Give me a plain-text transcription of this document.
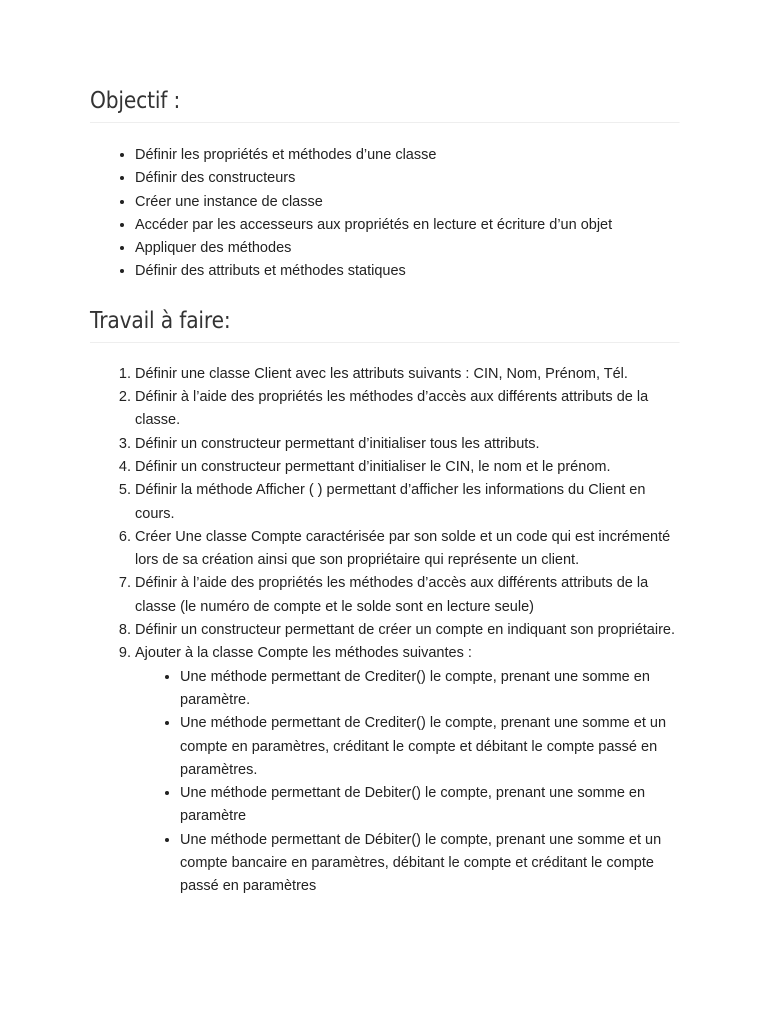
Objectif :
• Définir les propriétés et méthodes d’une classe
• Définir des constructeurs
• Créer une instance de classe
• Accéder par les accesseurs aux propriétés en lecture et écriture d’un objet
• Appliquer des méthodes
• Définir des attributs et méthodes statiques
Travail à faire:
1. Définir une classe Client avec les attributs suivants : CIN, Nom, Prénom, Tél.
2. Définir à l’aide des propriétés les méthodes d’accès aux différents attributs de la classe.
3. Définir un constructeur permettant d’initialiser tous les attributs.
4. Définir un constructeur permettant d’initialiser le CIN, le nom et le prénom.
5. Définir la méthode Afficher ( ) permettant d’afficher les informations du Client en cours.
6. Créer Une classe Compte caractérisée par son solde et un code qui est incrémenté lors de sa création ainsi que son propriétaire qui représente un client.
7. Définir à l’aide des propriétés les méthodes d’accès aux différents attributs de la classe (le numéro de compte et le solde sont en lecture seule)
8. Définir un constructeur permettant de créer un compte en indiquant son propriétaire.
9. Ajouter à la classe Compte les méthodes suivantes :
• Une méthode permettant de Crediter() le compte, prenant une somme en paramètre.
• Une méthode permettant de Crediter() le compte, prenant une somme et un compte en paramètres, créditant le compte et débitant le compte passé en paramètres.
• Une méthode permettant de Debiter() le compte, prenant une somme en paramètre
• Une méthode permettant de Débiter() le compte, prenant une somme et un compte bancaire en paramètres, débitant le compte et créditant le compte passé en paramètres
